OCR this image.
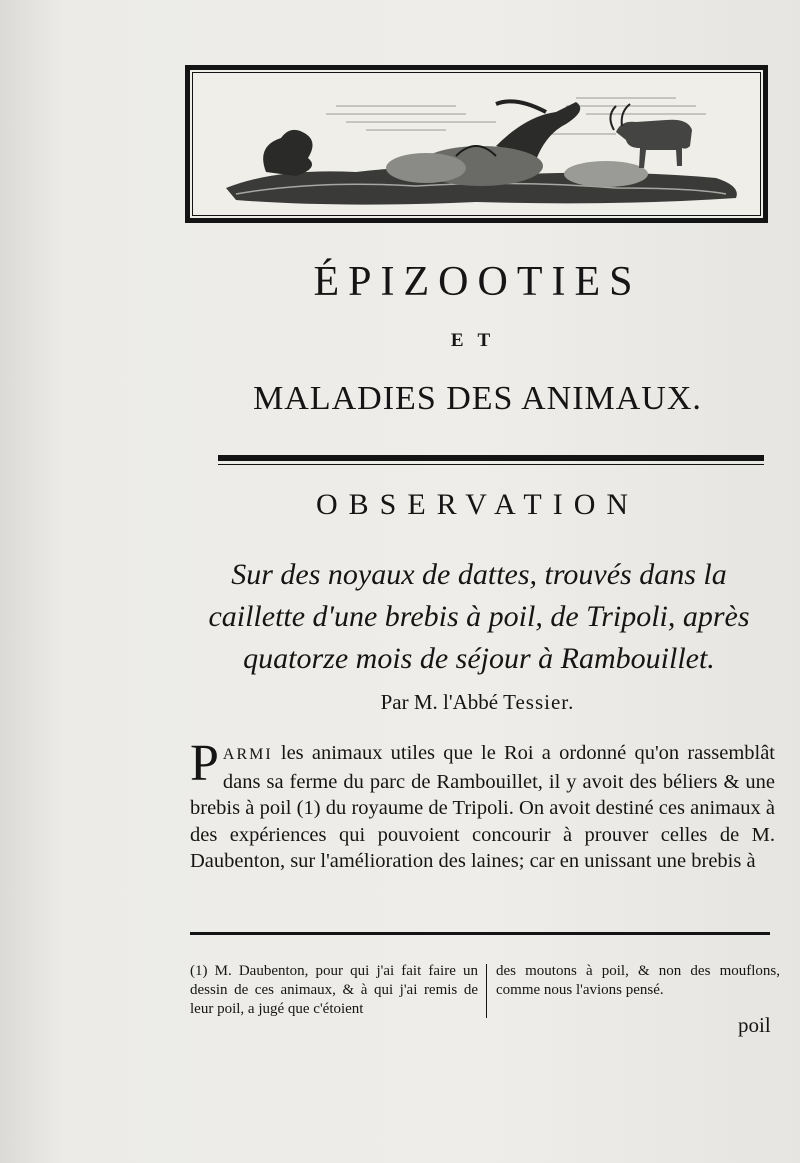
ÉPIZOOTIES
ET
MALADIES DES ANIMAUX.
OBSERVATION
Sur des noyaux de dattes, trouvés dans la caillette d'une brebis à poil, de Tripoli, après quatorze mois de séjour à Rambouillet.
Par M. l'Abbé Tessier.
PARMI les animaux utiles que le Roi a ordonné qu'on rassemblât dans sa ferme du parc de Rambouillet, il y avoit des béliers & une brebis à poil (1) du royaume de Tripoli. On avoit destiné ces animaux à des expériences qui pouvoient concourir à prouver celles de M. Daubenton, sur l'amélioration des laines; car en unissant une brebis à
(1) M. Daubenton, pour qui j'ai fait faire un dessin de ces animaux, & à qui j'ai remis de leur poil, a jugé que c'étoient
des moutons à poil, & non des mouflons, comme nous l'avions pensé.
poil
